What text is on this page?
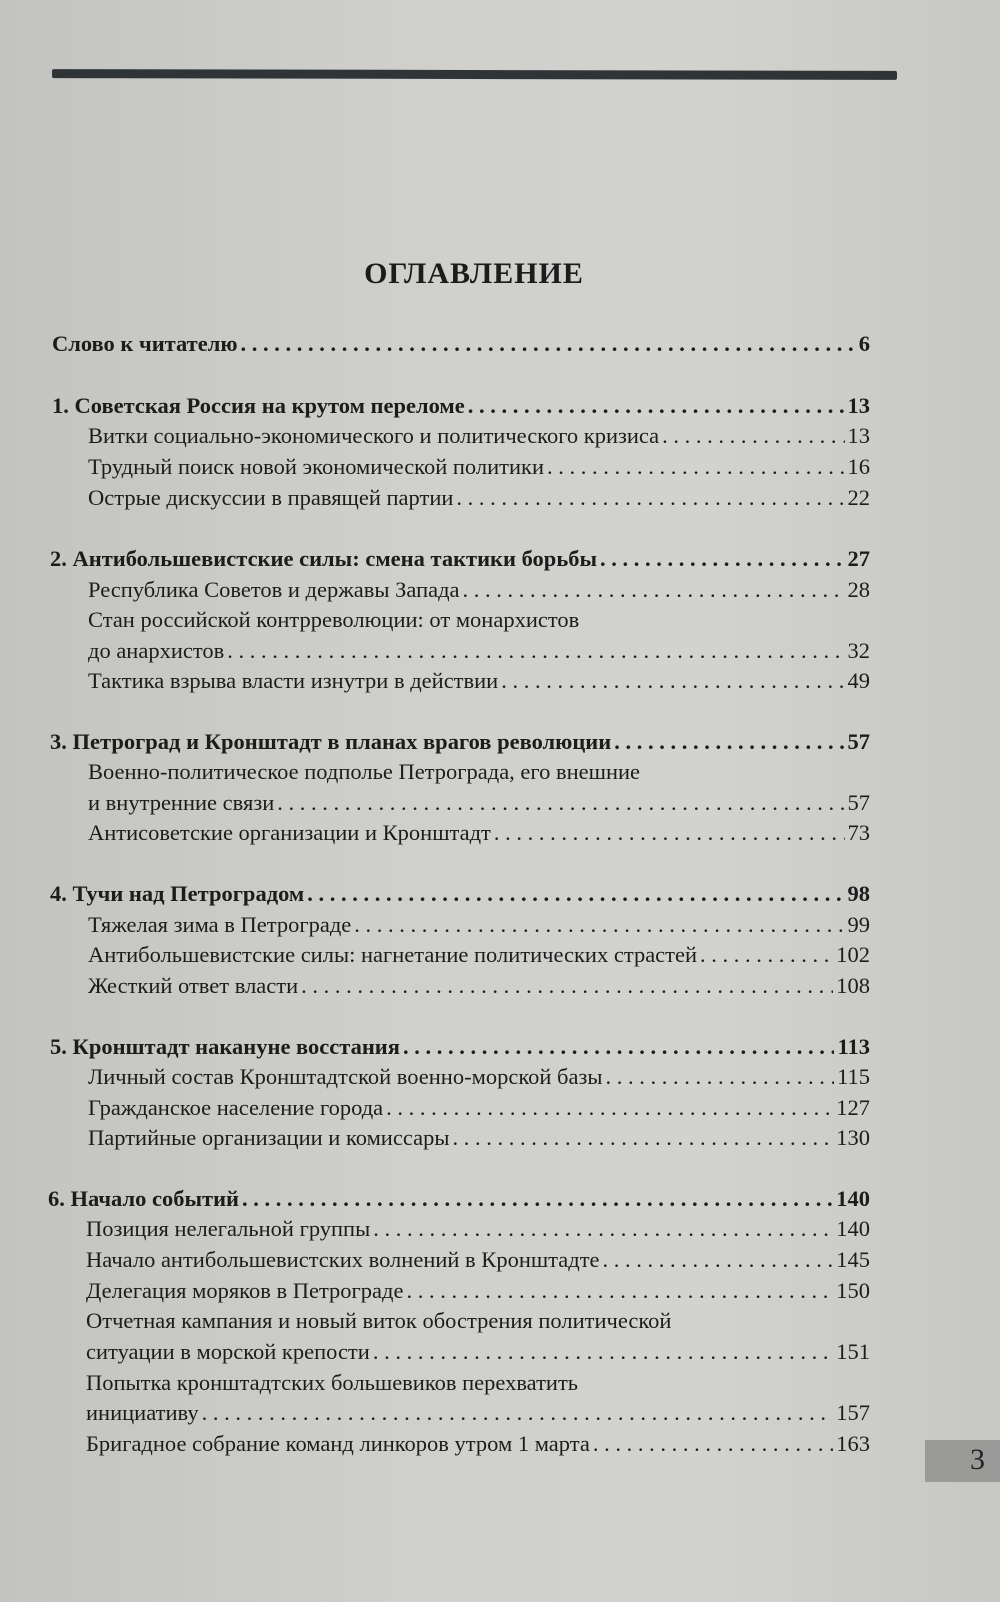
ОГЛАВЛЕНИЕ
Слово к читателю . . .	6
1. Советская Россия на крутом переломе . . .	13
Витки социально-экономического и политического кризиса . . .	13
Трудный поиск новой экономической политики . . .	16
Острые дискуссии в правящей партии . . .	22
2. Антибольшевистские силы: смена тактики борьбы . . .	27
Республика Советов и державы Запада . . .	28
Стан российской контрреволюции: от монархистов
до анархистов . . .	32
Тактика взрыва власти изнутри в действии . . .	49
3. Петроград и Кронштадт в планах врагов революции . . .	57
Военно-политическое подполье Петрограда, его внешние
и внутренние связи . . .	57
Антисоветские организации и Кронштадт . . .	73
4. Тучи над Петроградом . . .	98
Тяжелая зима в Петрограде . . .	99
Антибольшевистские силы: нагнетание политических страстей . . .	102
Жесткий ответ власти . . .	108
5. Кронштадт накануне восстания . . .	113
Личный состав Кронштадтской военно-морской базы . . .	115
Гражданское население города . . .	127
Партийные организации и комиссары . . .	130
6. Начало событий . . .	140
Позиция нелегальной группы . . .	140
Начало антибольшевистских волнений в Кронштадте . . .	145
Делегация моряков в Петрограде . . .	150
Отчетная кампания и новый виток обострения политической
ситуации в морской крепости . . .	151
Попытка кронштадтских большевиков перехватить
инициативу . . .	157
Бригадное собрание команд линкоров утром 1 марта . . .	163	3
